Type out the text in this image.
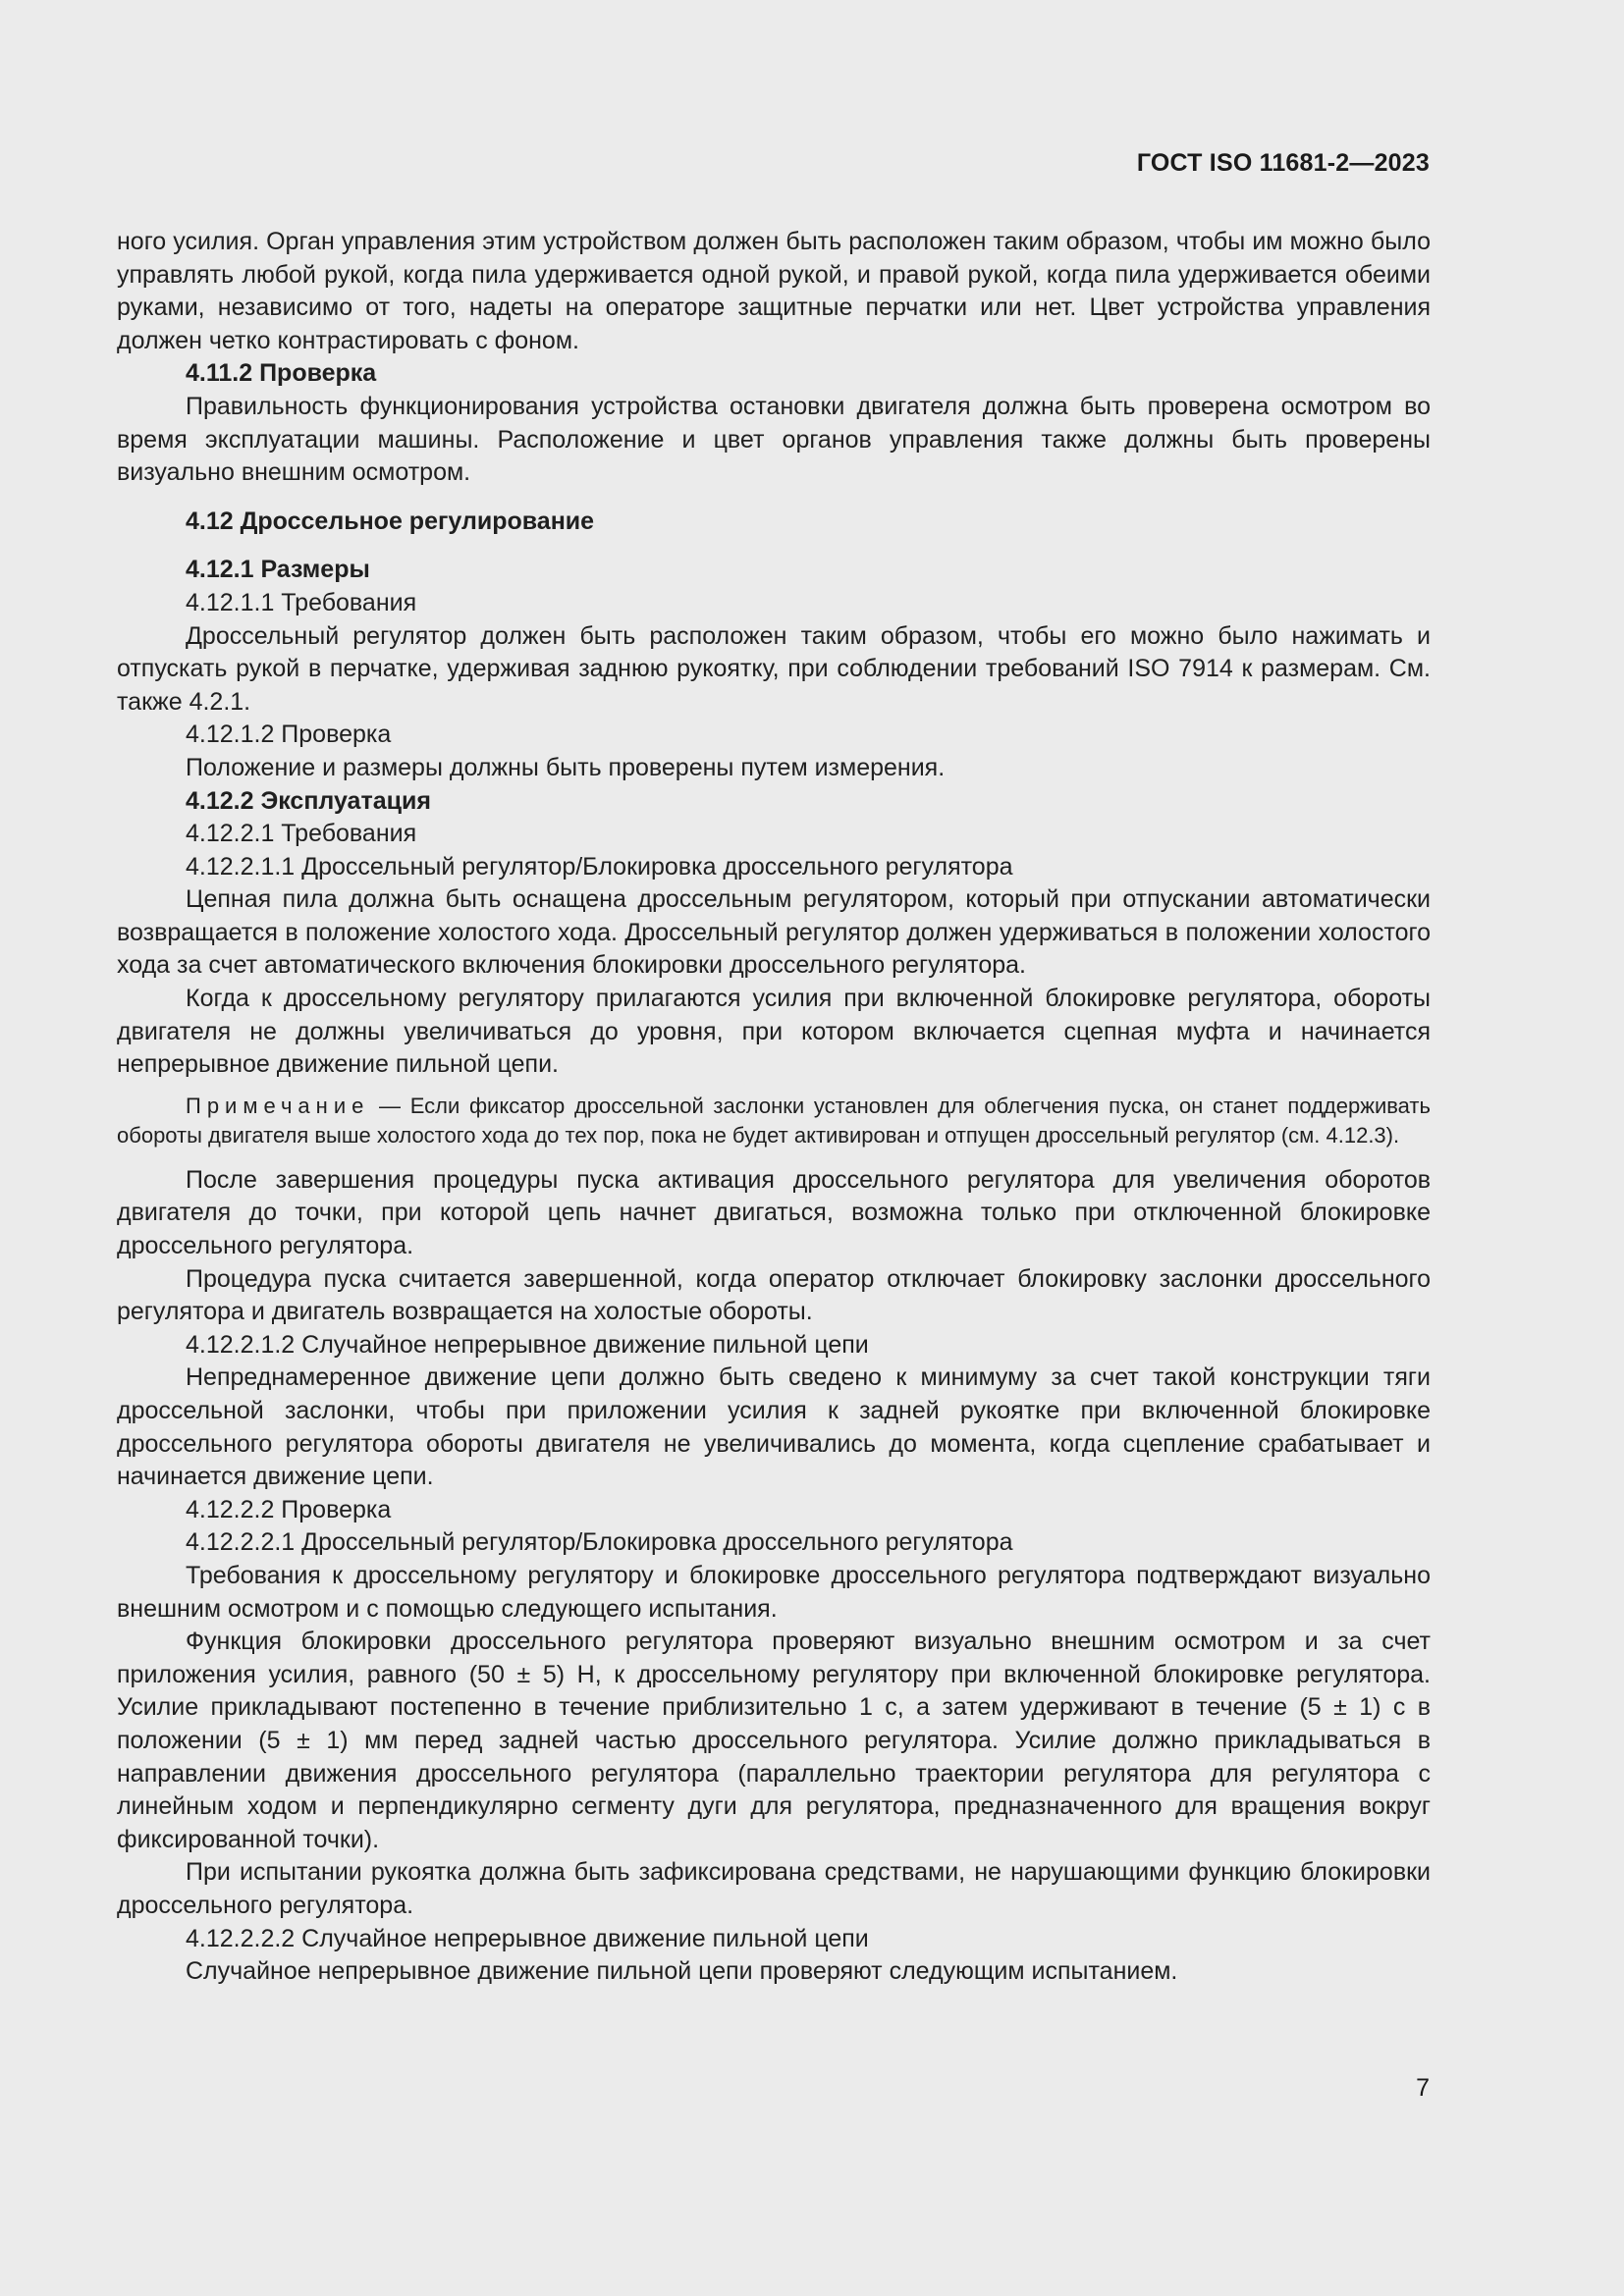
ГОСТ ISO 11681-2—2023

ного усилия. Орган управления этим устройством должен быть расположен таким образом, чтобы им можно было управлять любой рукой, когда пила удерживается одной рукой, и правой рукой, когда пила удерживается обеими руками, независимо от того, надеты на операторе защитные перчатки или нет. Цвет устройства управления должен четко контрастировать с фоном.

4.11.2 Проверка

Правильность функционирования устройства остановки двигателя должна быть проверена осмотром во время эксплуатации машины. Расположение и цвет органов управления также должны быть проверены визуально внешним осмотром.

4.12 Дроссельное регулирование

4.12.1 Размеры

4.12.1.1 Требования

Дроссельный регулятор должен быть расположен таким образом, чтобы его можно было нажимать и отпускать рукой в перчатке, удерживая заднюю рукоятку, при соблюдении требований ISO 7914 к размерам. См. также 4.2.1.

4.12.1.2 Проверка

Положение и размеры должны быть проверены путем измерения.

4.12.2 Эксплуатация

4.12.2.1 Требования

4.12.2.1.1 Дроссельный регулятор/Блокировка дроссельного регулятора

Цепная пила должна быть оснащена дроссельным регулятором, который при отпускании автоматически возвращается в положение холостого хода. Дроссельный регулятор должен удерживаться в положении холостого хода за счет автоматического включения блокировки дроссельного регулятора.

Когда к дроссельному регулятору прилагаются усилия при включенной блокировке регулятора, обороты двигателя не должны увеличиваться до уровня, при котором включается сцепная муфта и начинается непрерывное движение пильной цепи.

Примечание — Если фиксатор дроссельной заслонки установлен для облегчения пуска, он станет поддерживать обороты двигателя выше холостого хода до тех пор, пока не будет активирован и отпущен дроссельный регулятор (см. 4.12.3).

После завершения процедуры пуска активация дроссельного регулятора для увеличения оборотов двигателя до точки, при которой цепь начнет двигаться, возможна только при отключенной блокировке дроссельного регулятора.

Процедура пуска считается завершенной, когда оператор отключает блокировку заслонки дроссельного регулятора и двигатель возвращается на холостые обороты.

4.12.2.1.2 Случайное непрерывное движение пильной цепи

Непреднамеренное движение цепи должно быть сведено к минимуму за счет такой конструкции тяги дроссельной заслонки, чтобы при приложении усилия к задней рукоятке при включенной блокировке дроссельного регулятора обороты двигателя не увеличивались до момента, когда сцепление срабатывает и начинается движение цепи.

4.12.2.2 Проверка

4.12.2.2.1 Дроссельный регулятор/Блокировка дроссельного регулятора

Требования к дроссельному регулятору и блокировке дроссельного регулятора подтверждают визуально внешним осмотром и с помощью следующего испытания.

Функция блокировки дроссельного регулятора проверяют визуально внешним осмотром и за счет приложения усилия, равного (50 ± 5) Н, к дроссельному регулятору при включенной блокировке регулятора. Усилие прикладывают постепенно в течение приблизительно 1 с, а затем удерживают в течение (5 ± 1) с в положении (5 ± 1) мм перед задней частью дроссельного регулятора. Усилие должно прикладываться в направлении движения дроссельного регулятора (параллельно траектории регулятора для регулятора с линейным ходом и перпендикулярно сегменту дуги для регулятора, предназначенного для вращения вокруг фиксированной точки).

При испытании рукоятка должна быть зафиксирована средствами, не нарушающими функцию блокировки дроссельного регулятора.

4.12.2.2.2 Случайное непрерывное движение пильной цепи

Случайное непрерывное движение пильной цепи проверяют следующим испытанием.

7
